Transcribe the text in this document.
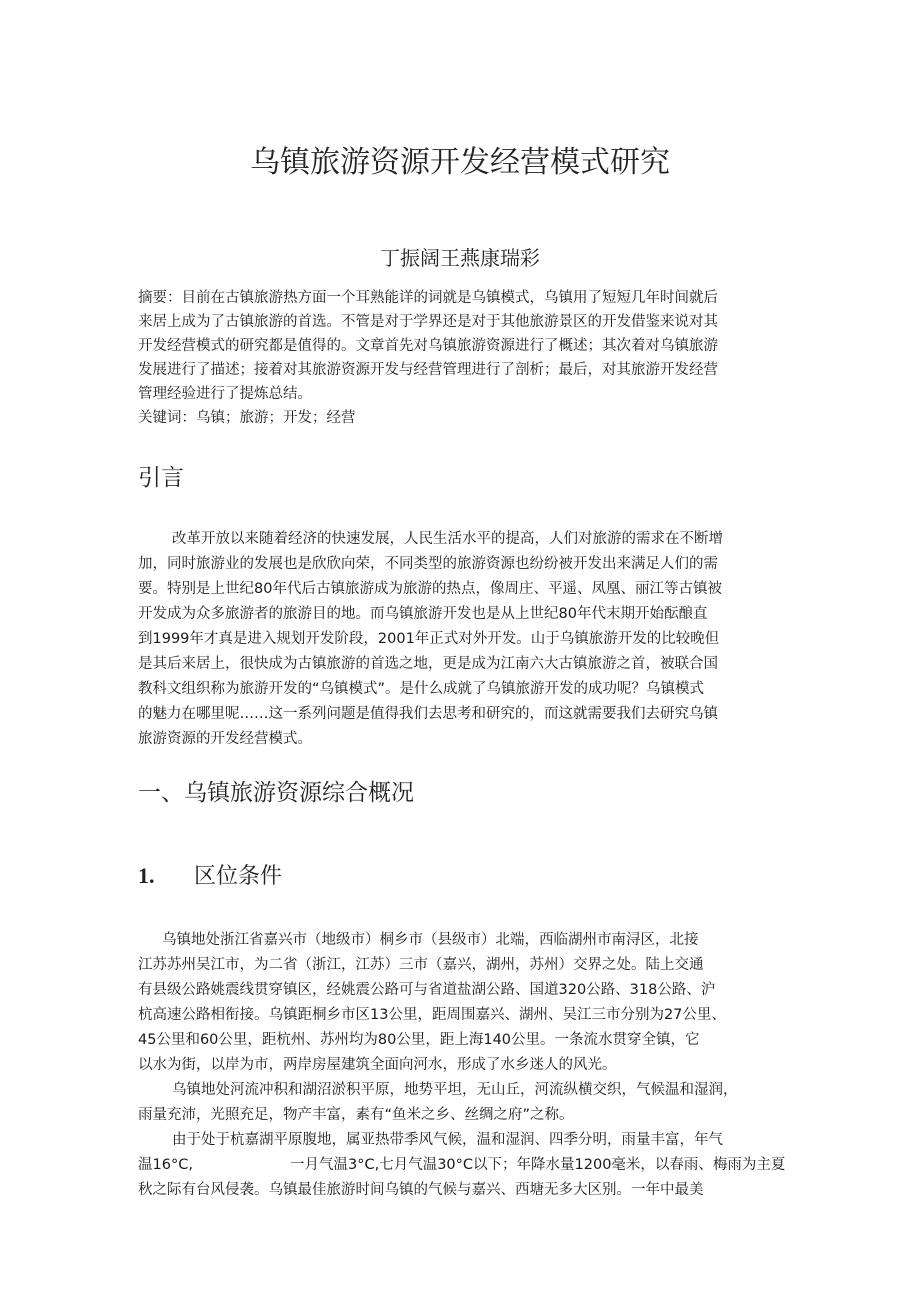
乌镇旅游资源开发经营模式研究
丁振阔王燕康瑞彩
摘要：目前在古镇旅游热方面一个耳熟能详的词就是乌镇模式，乌镇用了短短几年时间就后
来居上成为了古镇旅游的首选。不管是对于学界还是对于其他旅游景区的开发借鉴来说对其
开发经营模式的研究都是值得的。文章首先对乌镇旅游资源进行了概述；其次着对乌镇旅游
发展进行了描述；接着对其旅游资源开发与经营管理进行了剖析；最后，对其旅游开发经营
管理经验进行了提炼总结。
关键词：乌镇；旅游；开发；经营
引言
改革开放以来随着经济的快速发展，人民生活水平的提高，人们对旅游的需求在不断增
加，同时旅游业的发展也是欣欣向荣，不同类型的旅游资源也纷纷被开发出来满足人们的需
要。特别是上世纪80年代后古镇旅游成为旅游的热点，像周庄、平遥、凤凰、丽江等古镇被
开发成为众多旅游者的旅游目的地。而乌镇旅游开发也是从上世纪80年代末期开始酝酿直
到1999年才真是进入规划开发阶段，2001年正式对外开发。山于乌镇旅游开发的比较晚但
是其后来居上，很快成为古镇旅游的首选之地，更是成为江南六大古镇旅游之首，被联合国
教科文组织称为旅游开发的“乌镇模式”。是什么成就了乌镇旅游开发的成功呢？乌镇模式
的魅力在哪里呢……这一系列问题是值得我们去思考和研究的，而这就需要我们去研究乌镇
旅游资源的开发经营模式。
一、乌镇旅游资源综合概况
1. 区位条件
乌镇地处浙江省嘉兴市（地级市）桐乡市（县级市）北端，西临湖州市南浔区，北接
江苏苏州吴江市，为二省（浙江，江苏）三市（嘉兴，湖州，苏州）交界之处。陆上交通
有县级公路姚震线贯穿镇区，经姚震公路可与省道盐湖公路、国道320公路、318公路、沪
杭高速公路相衔接。乌镇距桐乡市区13公里，距周围嘉兴、湖州、吴江三市分别为27公里、
45公里和60公里，距杭州、苏州均为80公里，距上海140公里。一条流水贯穿全镇，它
以水为街，以岸为市，两岸房屋建筑全面向河水，形成了水乡迷人的风光。
乌镇地处河流冲积和湖沼淤积平原，地势平坦，无山丘，河流纵横交织，气候温和湿润，
雨量充沛，光照充足，物产丰富，素有“鱼米之乡、丝绸之府”之称。
由于处于杭嘉湖平原腹地，属亚热带季风气候，温和湿润、四季分明，雨量丰富，年气
温16°C,	一月气温3°C,七月气温30°C以下；年降水量1200毫米，以春雨、梅雨为主夏
秋之际有台风侵袭。乌镇最佳旅游时间乌镇的气候与嘉兴、西塘无多大区别。一年中最美
